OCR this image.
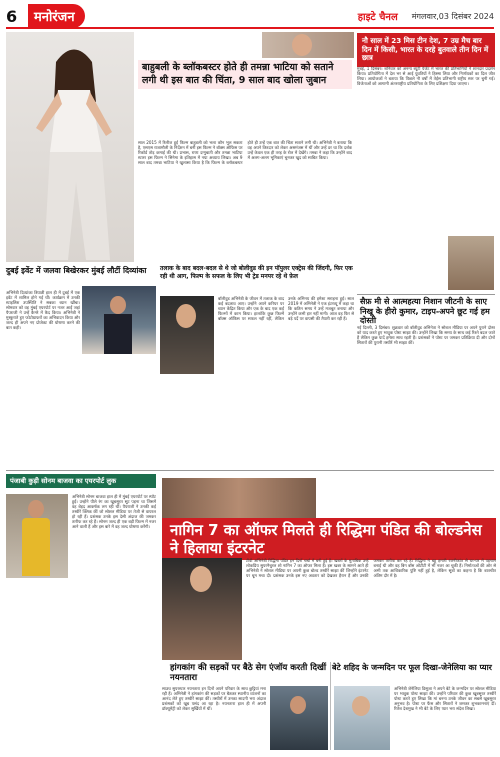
6	मनोरंजन	हाइटे चैनल मंगलवार,03 दिसंबर 2024
बाहुबली के ब्लॉकबस्टर होते ही तमन्ना भाटिया को सताने लगी थी इस बात की चिंता, 9 साल बाद खोला जुबान
साल 2015 में रिलीज हुई फिल्म बाहुबली को भला कौन भूल सकता है, एसएस राजामौली के निर्देशन में बनी इस फिल्म ने बॉक्स ऑफिस पर रिकॉर्ड तोड़ कमाई की थी। प्रभास, राणा दग्गुबाती और तमन्ना भाटिया स्टारर इस फिल्म ने सिनेमा के इतिहास में नया अध्याय लिखा। अब 9 साल बाद तमन्ना भाटिया ने खुलासा किया है कि फिल्म के ब्लॉकबस्टर होते ही उन्हें एक बात की चिंता सताने लगी थी। अभिनेत्री ने बताया कि वह अपने किरदार को लेकर असमंजस में थीं और उन्हें डर था कि दर्शक उन्हें केवल एक ही तरह के रोल में देखेंगे। तमन्ना ने कहा कि उन्होंने बाद में अलग-अलग भूमिकाएं चुनकर खुद को साबित किया।
नौ साल में 23 मिस टीन देश, 7 उम्र मैच बार दिन में किसी, भारत के दरहे बुतवाले तीन दिन में छात्र
मुंबई, 1 दिसंबर। शनिवार को अनन्य ब्यूटी पेजेंट में भारत की प्रतिभागियों ने शानदार प्रदर्शन किया। प्रतियोगिता में देश भर से आई युवतियों ने हिस्सा लिया और निर्णायकों का दिल जीत लिया। आयोजकों ने बताया कि पिछले नौ वर्षों में तेईस प्रतिभागी राष्ट्रीय स्तर पर चुनी गईं। विजेताओं को आगामी अंतरराष्ट्रीय प्रतियोगिता के लिए प्रशिक्षण दिया जाएगा।
सैफ़ मी से आत्महत्या निशान जीटनी के साए निखू के हीरो कुमार, टाइप-अपने छूट गई हम दोस्ती
नई दिल्ली, 3 दिसंबर। शुक्रवार को बॉलीवुड अभिनेता ने सोशल मीडिया पर अपने पुराने दोस्त को याद करते हुए भावुक पोस्ट साझा की। उन्होंने लिखा कि समय के साथ कई रिश्ते बदल जाते हैं लेकिन कुछ यादें हमेशा साथ रहती हैं। प्रशंसकों ने पोस्ट पर जमकर प्रतिक्रिया दी और दोनों सितारों की पुरानी तस्वीरें भी साझा कीं।
दुबई इवेंट में जलवा बिखेरकर मुंबई लौटीं दिव्यांका
अभिनेत्री दिव्यांका त्रिपाठी हाल ही में दुबई में एक इवेंट में शामिल होने गई थीं। कार्यक्रम में उनकी स्टाइलिश उपस्थिति ने सबका ध्यान खींचा। सोमवार को वह मुंबई एयरपोर्ट पर नजर आईं जहां पैपराजी ने उन्हें कैमरे में कैद किया। अभिनेत्री ने मुस्कुराते हुए फोटोग्राफरों का अभिवादन किया और जल्द ही अपने नए प्रोजेक्ट की घोषणा करने की बात कही।
तलाक के बाद बदल-बदल से थे जो बोलीवुड की इन पॉपुलर एक्ट्रेस की जिंदगी, फिर एक रही थी आग, फिल्म के सफल के लिए भी ट्रेड मनपर रहे थे फ़ेल
बॉलीवुड अभिनेत्री के जीवन में तलाक के बाद कई बदलाव आए। उन्होंने अपने करियर पर ध्यान केंद्रित किया और एक के बाद एक कई फिल्मों में काम किया। हालांकि कुछ फिल्में बॉक्स ऑफिस पर सफल नहीं रहीं, लेकिन उनके अभिनय की हमेशा सराहना हुई। साल 2019 में अभिनेत्री ने एक इंटरव्यू में कहा था कि कठिन समय ने उन्हें मजबूत बनाया और उन्होंने कभी हार नहीं मानी। आज वह फिर से बड़े पर्दे पर वापसी की तैयारी कर रही हैं।
पंजाबी कुड़ी सोनम बाजवा का एयरपोर्ट लुक
अभिनेत्री सोनम बाजवा हाल ही में मुंबई एयरपोर्ट पर स्पॉट हुईं। उन्होंने पीले रंग का खूबसूरत सूट पहना था जिसमें वह बेहद आकर्षक लग रही थीं। पैपराजी ने उनकी कई तस्वीरें क्लिक कीं जो सोशल मीडिया पर तेजी से वायरल हो रही हैं। प्रशंसक उनके इस देसी अंदाज की जमकर तारीफ कर रहे हैं। सोनम जल्द ही एक बड़ी फिल्म में नजर आने वाली हैं और इस बारे में वह जल्द घोषणा करेंगी।	नागिन 7 का ऑफर मिलते ही रिद्धिमा पंडित की बोल्डनेस ने हिलाया इंटरनेट
टीवी अभिनेत्री रिद्धिमा पंडित इन दिनों चर्चा में बनी हुई हैं। खबरों के मुताबिक उन्हें लोकप्रिय सुपरनैचुरल शो नागिन 7 का ऑफर मिला है। इस खबर के सामने आते ही अभिनेत्री ने सोशल मीडिया पर अपनी कुछ बोल्ड तस्वीरें साझा कीं जिन्होंने इंटरनेट पर धूम मचा दी। प्रशंसक उनके इस नए अवतार को देखकर हैरान हैं और उनकी जमकर तारीफ कर रहे हैं। रिद्धिमा ने बहू हमारी रजनीकांत से घर-घर में पहचान बनाई थी और वह बिग बॉस ओटीटी में भी नजर आ चुकी हैं। निर्माताओं की ओर से अभी तक आधिकारिक पुष्टि नहीं हुई है, लेकिन सूत्रों का कहना है कि बातचीत अंतिम दौर में है।
हांगकांग की सड़कों पर बैठे सेग एंजॉय करती दिखीं नयनतारा
साउथ सुपरस्टार नयनतारा इन दिनों अपने परिवार के साथ छुट्टियां मना रही हैं। अभिनेत्री ने हांगकांग की सड़कों पर बैठकर स्थानीय व्यंजनों का आनंद लेते हुए तस्वीरें साझा कीं। तस्वीरों में उनका सादगी भरा अंदाज प्रशंसकों को खूब पसंद आ रहा है। नयनतारा हाल ही में अपनी डॉक्यूमेंट्री को लेकर सुर्खियों में थीं।
बेटे शहिद के जन्मदिन पर फूल दिखा-जेनेलिया का प्यार
अभिनेत्री जेनेलिया डिसूजा ने अपने बेटे के जन्मदिन पर सोशल मीडिया पर भावुक पोस्ट साझा की। उन्होंने परिवार की कुछ खूबसूरत तस्वीरें पोस्ट करते हुए लिखा कि मां बनना उनके जीवन का सबसे खूबसूरत अनुभव है। पोस्ट पर फैंस और सितारों ने जमकर शुभकामनाएं दीं। रितेश देशमुख ने भी बेटे के लिए प्यार भरा संदेश लिखा।
